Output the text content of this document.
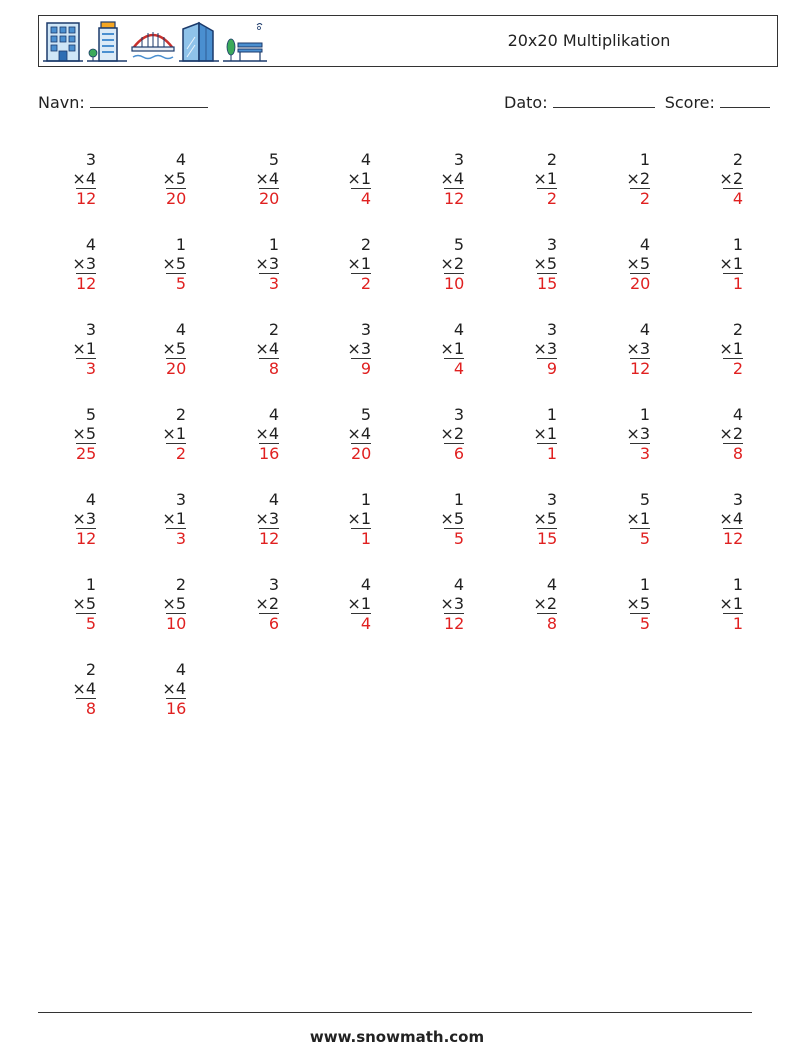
20x20 Multiplikation
Navn:	Dato:	Score:
3
×4
12
4
×5
20
5
×4
20
4
×1
4
3
×4
12
2
×1
2
1
×2
2
2
×2
4
4
×3
12
1
×5
5
1
×3
3
2
×1
2
5
×2
10
3
×5
15
4
×5
20
1
×1
1
3
×1
3
4
×5
20
2
×4
8
3
×3
9
4
×1
4
3
×3
9
4
×3
12
2
×1
2
5
×5
25
2
×1
2
4
×4
16
5
×4
20
3
×2
6
1
×1
1
1
×3
3
4
×2
8
4
×3
12
3
×1
3
4
×3
12
1
×1
1
1
×5
5
3
×5
15
5
×1
5
3
×4
12
1
×5
5
2
×5
10
3
×2
6
4
×1
4
4
×3
12
4
×2
8
1
×5
5
1
×1
1
2
×4
8
4
×4
16
www.snowmath.com
